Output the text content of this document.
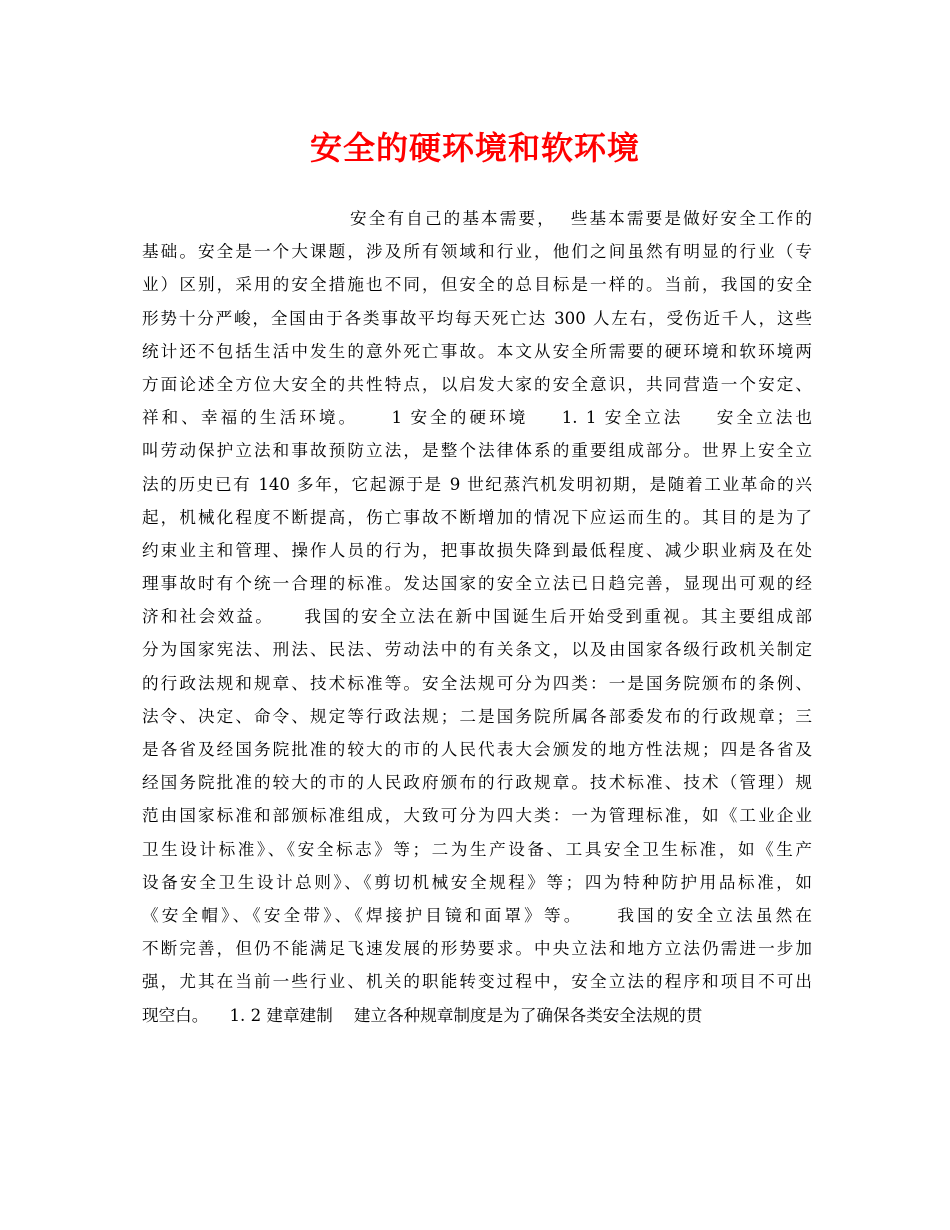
安全的硬环境和软环境
安全有自己的基本需要，  些基本需要是做好安全工作的
基础。安全是一个大课题，涉及所有领域和行业，他们之间虽然有明显的行业（专
业）区别，采用的安全措施也不同，但安全的总目标是一样的。当前，我国的安全
形势十分严峻，全国由于各类事故平均每天死亡达 300 人左右，受伤近千人，这些
统计还不包括生活中发生的意外死亡事故。本文从安全所需要的硬环境和软环境两
方面论述全方位大安全的共性特点，以启发大家的安全意识，共同营造一个安定、
祥和、幸福的生活环境。    1 安全的硬环境    1. 1 安全立法    安全立法也
叫劳动保护立法和事故预防立法，是整个法律体系的重要组成部分。世界上安全立
法的历史已有 140 多年，它起源于是 9 世纪蒸汽机发明初期，是随着工业革命的兴
起，机械化程度不断提高，伤亡事故不断增加的情况下应运而生的。其目的是为了
约束业主和管理、操作人员的行为，把事故损失降到最低程度、减少职业病及在处
理事故时有个统一合理的标准。发达国家的安全立法已日趋完善，显现出可观的经
济和社会效益。    我国的安全立法在新中国诞生后开始受到重视。其主要组成部
分为国家宪法、刑法、民法、劳动法中的有关条文，以及由国家各级行政机关制定
的行政法规和规章、技术标准等。安全法规可分为四类：一是国务院颁布的条例、
法令、决定、命令、规定等行政法规；二是国务院所属各部委发布的行政规章；三
是各省及经国务院批准的较大的市的人民代表大会颁发的地方性法规；四是各省及
经国务院批准的较大的市的人民政府颁布的行政规章。技术标准、技术（管理）规
范由国家标准和部颁标准组成，大致可分为四大类：一为管理标准，如《工业企业
卫生设计标准》、《安全标志》等；二为生产设备、工具安全卫生标准，如《生产
设备安全卫生设计总则》、《剪切机械安全规程》等；四为特种防护用品标准，如
《安全帽》、《安全带》、《焊接护目镜和面罩》等。    我国的安全立法虽然在
不断完善，但仍不能满足飞速发展的形势要求。中央立法和地方立法仍需进一步加
强，尤其在当前一些行业、机关的职能转变过程中，安全立法的程序和项目不可出
现空白。    1. 2 建章建制    建立各种规章制度是为了确保各类安全法规的贯
